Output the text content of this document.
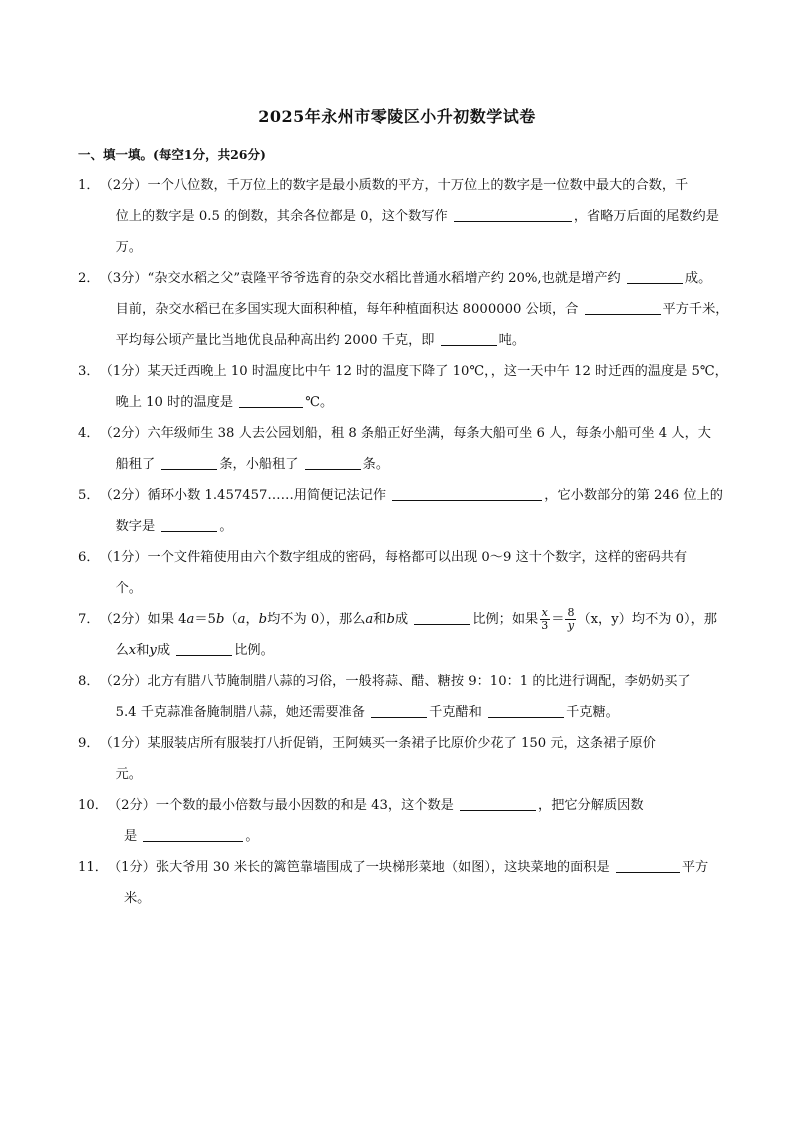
2025年永州市零陵区小升初数学试卷
一、填一填。(每空1分，共26分)
1． （2分）一个八位数，千万位上的数字是最小质数的平方，十万位上的数字是一位数中最大的合数，千
位上的数字是 0.5 的倒数，其余各位都是 0，这个数写作	，省略万后面的尾数约是
万。
2． （3分）“杂交水稻之父”袁隆平爷爷选育的杂交水稻比普通水稻增产约 20%,也就是增产约	成。
目前，杂交水稻已在多国实现大面积种植，每年种植面积达 8000000 公顷，合	平方千米，
平均每公顷产量比当地优良品种高出约 2000 千克，即	吨。
3． （1分）某天迁西晚上 10 时温度比中午 12 时的温度下降了 10℃，，这一天中午 12 时迁西的温度是 5℃，
晚上 10 时的温度是	℃。
4． （2分）六年级师生 38 人去公园划船，租 8 条船正好坐满，每条大船可坐 6 人，每条小船可坐 4 人，大
船租了	条，小船租了	条。
5． （2分）循环小数 1.457457……用简便记法记作	，它小数部分的第 246 位上的
数字是	。
6． （1分）一个文件箱使用由六个数字组成的密码，每格都可以出现 0～9 这十个数字，这样的密码共有
个。
7． （2分）如果 4a＝5b（a，b均不为 0），那么a和b成	比例；如果 $\frac{x}{3} = \frac{8}{y} (x$，y）均不为 0），那
么x和y成	比例。
8． （2分）北方有腊八节腌制腊八蒜的习俗，一般将蒜、醋、糖按 9：10：1 的比进行调配，李奶奶买了
5.4 千克蒜准备腌制腊八蒜，她还需要准备	千克醋和	千克糖。
9． （1分）某服装店所有服装打八折促销，王阿姨买一条裙子比原价少花了 150 元，这条裙子原价
元。
10． （2分）一个数的最小倍数与最小因数的和是 43，这个数是	，把它分解质因数
是	。
11． （1分）张大爷用 30 米长的篱笆靠墙围成了一块梯形菜地（如图），这块菜地的面积是	平方
米。
